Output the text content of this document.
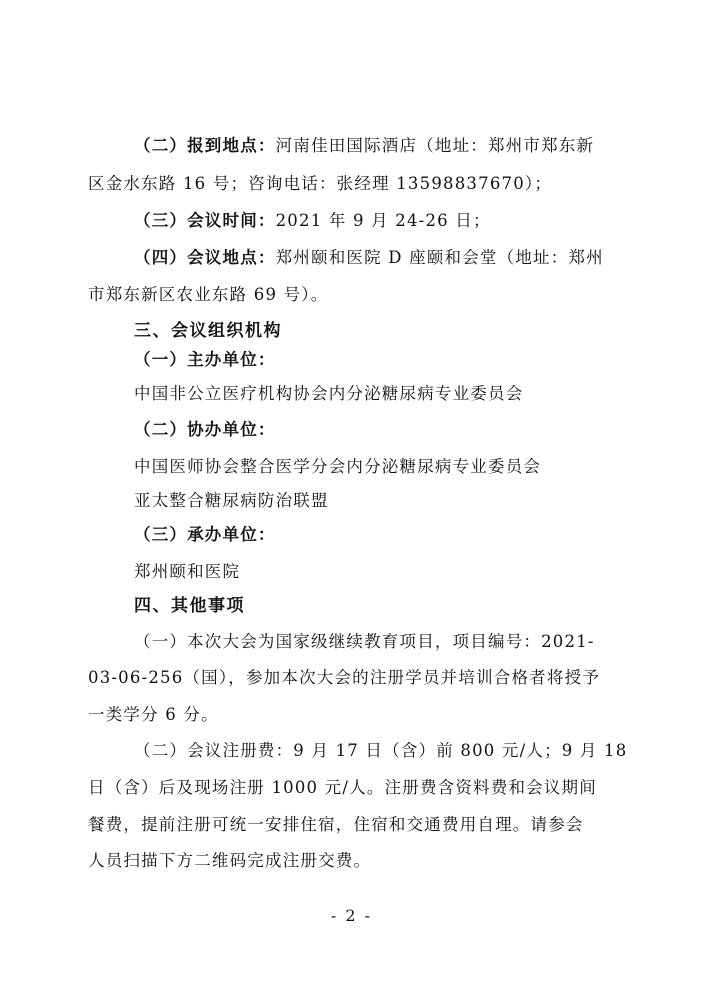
（二）报到地点：河南佳田国际酒店（地址：郑州市郑东新
区金水东路 16 号；咨询电话：张经理 13598837670）；
（三）会议时间：2021 年 9 月 24-26 日；
（四）会议地点：郑州颐和医院 D 座颐和会堂（地址：郑州
市郑东新区农业东路 69 号）。
三、会议组织机构
（一）主办单位：
中国非公立医疗机构协会内分泌糖尿病专业委员会
（二）协办单位：
中国医师协会整合医学分会内分泌糖尿病专业委员会
亚太整合糖尿病防治联盟
（三）承办单位：
郑州颐和医院
四、其他事项
（一）本次大会为国家级继续教育项目，项目编号：2021-
03-06-256（国），参加本次大会的注册学员并培训合格者将授予
一类学分 6 分。
（二）会议注册费：9 月 17 日（含）前 800 元/人；9 月 18
日（含）后及现场注册 1000 元/人。注册费含资料费和会议期间
餐费，提前注册可统一安排住宿，住宿和交通费用自理。请参会
人员扫描下方二维码完成注册交费。
- 2 -
